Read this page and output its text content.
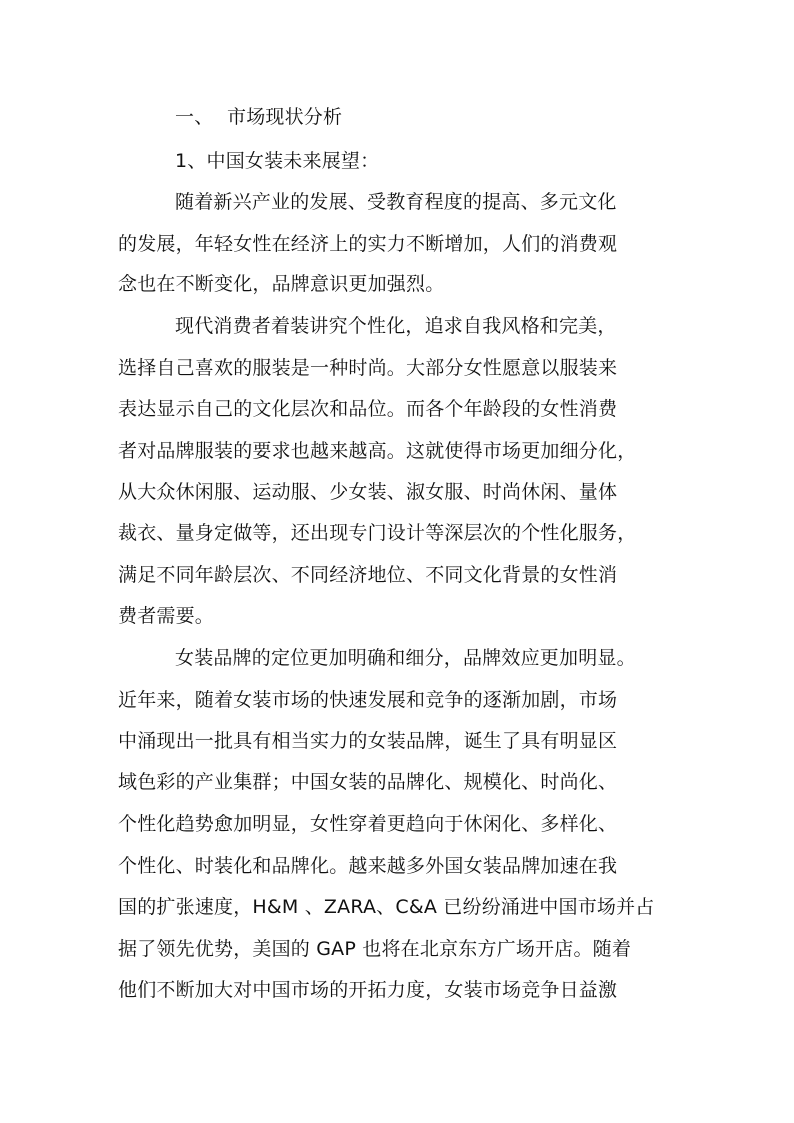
一、 市场现状分析
1、中国女装未来展望：
随着新兴产业的发展、受教育程度的提高、多元文化
的发展，年轻女性在经济上的实力不断增加，人们的消费观
念也在不断变化，品牌意识更加强烈。
现代消费者着装讲究个性化，追求自我风格和完美，
选择自己喜欢的服装是一种时尚。大部分女性愿意以服装来
表达显示自己的文化层次和品位。而各个年龄段的女性消费
者对品牌服装的要求也越来越高。这就使得市场更加细分化，
从大众休闲服、运动服、少女装、淑女服、时尚休闲、量体
裁衣、量身定做等，还出现专门设计等深层次的个性化服务，
满足不同年龄层次、不同经济地位、不同文化背景的女性消
费者需要。
女装品牌的定位更加明确和细分，品牌效应更加明显。
近年来，随着女装市场的快速发展和竞争的逐渐加剧，市场
中涌现出一批具有相当实力的女装品牌，诞生了具有明显区
域色彩的产业集群；中国女装的品牌化、规模化、时尚化、
个性化趋势愈加明显，女性穿着更趋向于休闲化、多样化、
个性化、时装化和品牌化。越来越多外国女装品牌加速在我
国的扩张速度，H&M 、ZARA、C&A 已纷纷涌进中国市场并占
据了领先优势，美国的 GAP 也将在北京东方广场开店。随着
他们不断加大对中国市场的开拓力度，女装市场竞争日益激
